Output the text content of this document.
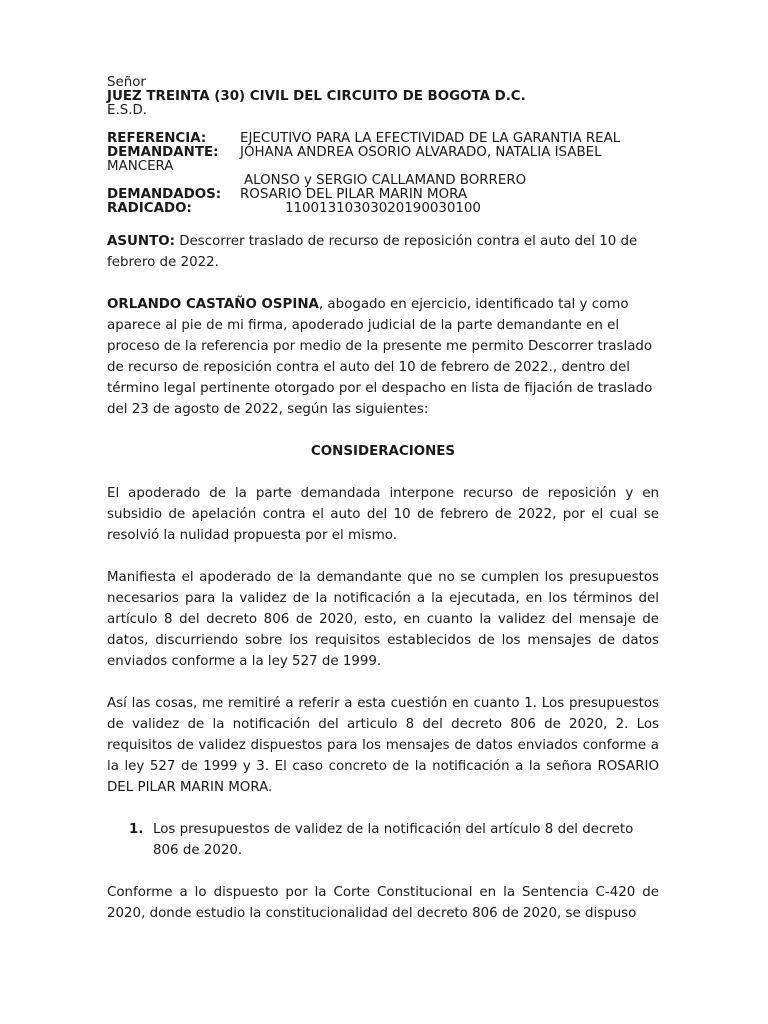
Señor
JUEZ TREINTA (30) CIVIL DEL CIRCUITO DE BOGOTA D.C.
E.S.D.
REFERENCIA:	EJECUTIVO PARA LA EFECTIVIDAD DE LA GARANTIA REAL
DEMANDANTE: JOHANA ANDREA OSORIO ALVARADO, NATALIA ISABEL
MANCERA
ALONSO y SERGIO CALLAMAND BORRERO
DEMANDADOS: ROSARIO DEL PILAR MARIN MORA
RADICADO:	11001310303020190030100

ASUNTO: Descorrer traslado de recurso de reposición contra el auto del 10 de febrero de 2022.

ORLANDO CASTAÑO OSPINA, abogado en ejercicio, identificado tal y como aparece al pie de mi firma, apoderado judicial de la parte demandante en el proceso de la referencia por medio de la presente me permito Descorrer traslado de recurso de reposición contra el auto del 10 de febrero de 2022., dentro del término legal pertinente otorgado por el despacho en lista de fijación de traslado del 23 de agosto de 2022, según las siguientes:

CONSIDERACIONES

El apoderado de la parte demandada interpone recurso de reposición y en subsidio de apelación contra el auto del 10 de febrero de 2022, por el cual se resolvió la nulidad propuesta por el mismo.

Manifiesta el apoderado de la demandante que no se cumplen los presupuestos necesarios para la validez de la notificación a la ejecutada, en los términos del artículo 8 del decreto 806 de 2020, esto, en cuanto la validez del mensaje de datos, discurriendo sobre los requisitos establecidos de los mensajes de datos enviados conforme a la ley 527 de 1999.

Así las cosas, me remitiré a referir a esta cuestión en cuanto 1. Los presupuestos de validez de la notificación del articulo 8 del decreto 806 de 2020, 2. Los requisitos de validez dispuestos para los mensajes de datos enviados conforme a la ley 527 de 1999 y 3. El caso concreto de la notificación a la señora ROSARIO DEL PILAR MARIN MORA.

1. Los presupuestos de validez de la notificación del artículo 8 del decreto 806 de 2020.

Conforme a lo dispuesto por la Corte Constitucional en la Sentencia C-420 de 2020, donde estudio la constitucionalidad del decreto 806 de 2020, se dispuso
